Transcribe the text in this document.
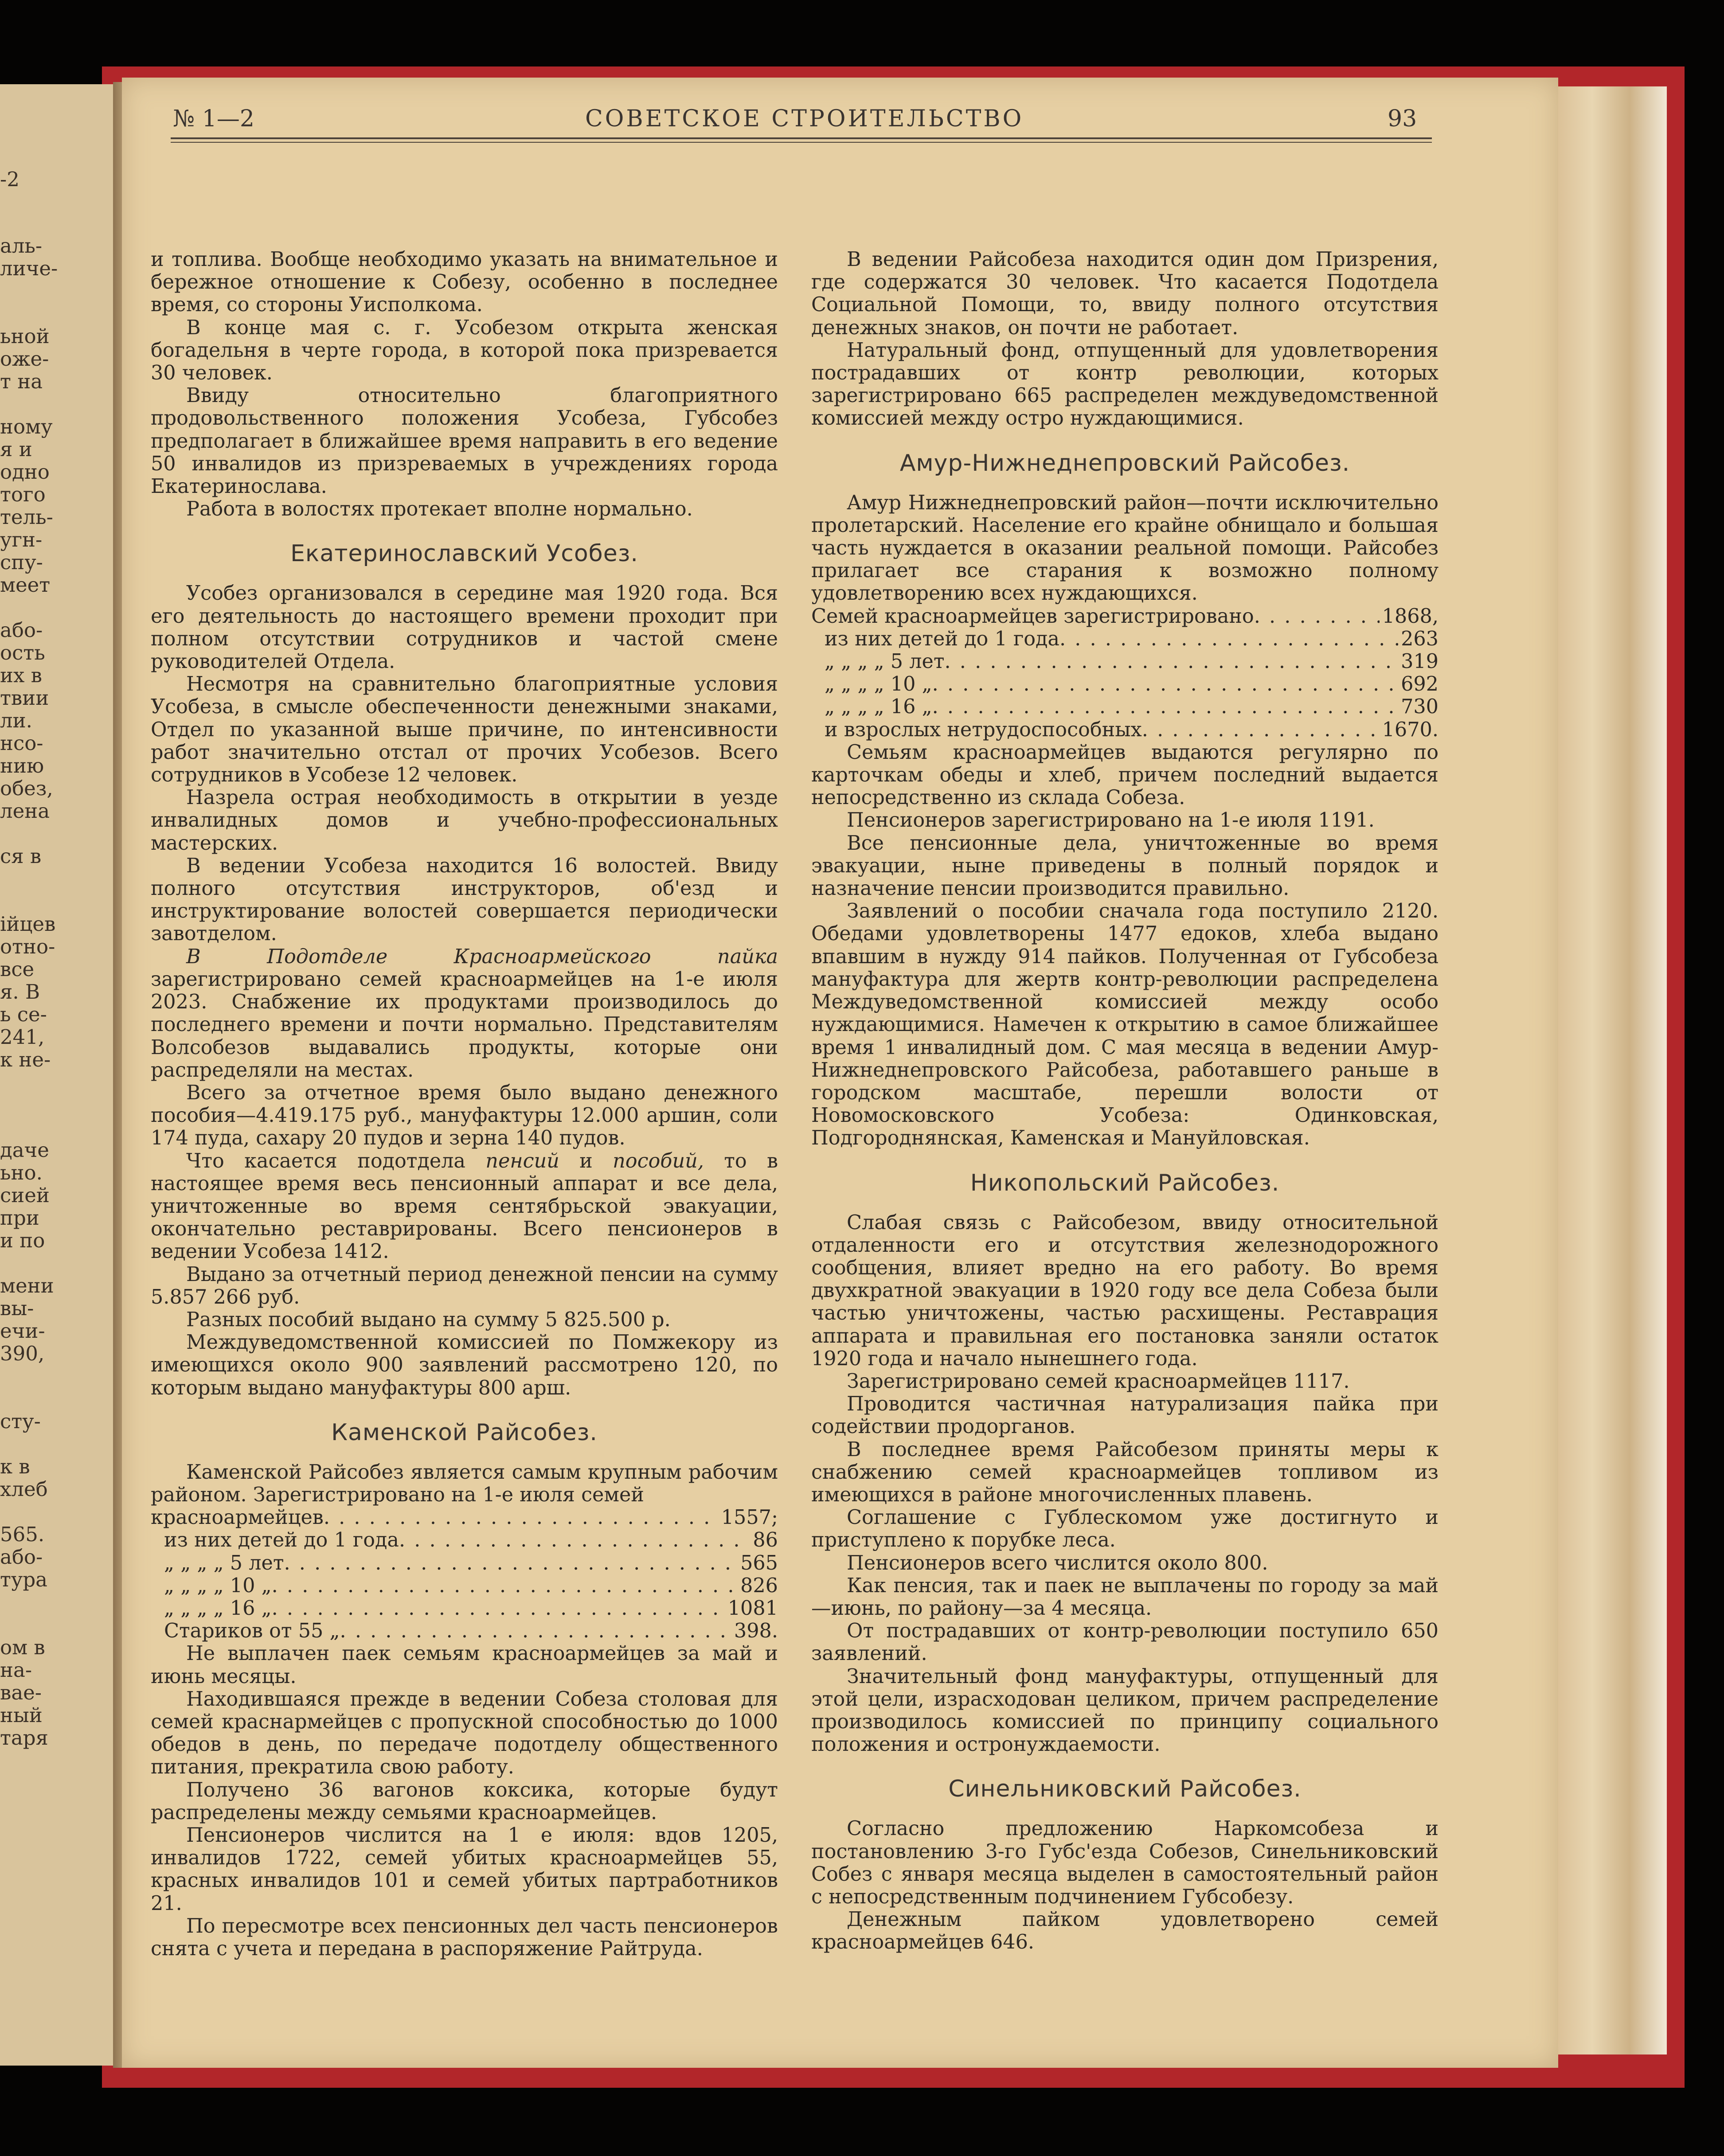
-2
аль-
личе-
ьной
оже-
т на
ному
я и
одно
того
тель-
угн-
спу-
меет
або-
ость
их в
твии
ли.
нсо-
нию
обез,
лена
ся в
ійцев
отно-
все
я. В
ь се-
241,
к не-
дачe
ьно.
сией
при
и по
мени
вы-
ечи-
390,
сту-
к в
хлеб
565.
або-
тура
ом в
на-
вае-
ный
таря
№ 1—2	СОВЕТСКОЕ СТРОИТЕЛЬСТВО	93

и топлива. Вообще необходимо указать на внимательное и бережное отношение к Собезу, особенно в последнее время, со стороны Уисполкома.

В конце мая с. г. Усобезом открыта женская богадельня в черте города, в которой пока призревается 30 человек.

Ввиду относительно благоприятного продовольственного положения Усобеза, Губсобез предполагает в ближайшее время направить в его ведение 50 инвалидов из призреваемых в учреждениях города Екатеринослава.

Работа в волостях протекает вполне нормально.

Екатеринославский Усобез.

Усобез организовался в середине мая 1920 года. Вся его деятельность до настоящего времени проходит при полном отсутствии сотрудников и частой смене руководителей Отдела.

Несмотря на сравнительно благоприятные условия Усобеза, в смысле обеспеченности денежными знаками, Отдел по указанной выше причине, по интенсивности работ значительно отстал от прочих Усобезов. Всего сотрудников в Усобезе 12 человек.

Назрела острая необходимость в открытии в уезде инвалидных домов и учебно-профессиональных мастерских.

В ведении Усобеза находится 16 волостей. Ввиду полного отсутствия инструкторов, об'езд и инструктирование волостей совершается периодически завотделом.

В Подотделе Красноармейского пайка зарегистрировано семей красноармейцев на 1-е июля 2023. Снабжение их продуктами производилось до последнего времени и почти нормально. Представителям Волсобезов выдавались продукты, которые они распределяли на местах.

Всего за отчетное время было выдано денежного пособия—4.419.175 руб., мануфактуры 12.000 аршин, соли 174 пуда, сахару 20 пудов и зерна 140 пудов.

Что касается подотдела пенсий и пособий, то в настоящее время весь пенсионный аппарат и все дела, уничтоженные во время сентябрьской эвакуации, окончательно реставрированы. Всего пенсионеров в ведении Усобеза 1412.

Выдано за отчетный период денежной пенсии на сумму 5.857 266 руб.

Разных пособий выдано на сумму 5 825.500 р.

Междуведомственной комиссией по Помжекору из имеющихся около 900 заявлений рассмотрено 120, по которым выдано мануфактуры 800 арш.

Каменской Райсобез.

Каменской Райсобез является самым крупным рабочим районом. Зарегистрировано на 1-е июля семей

красноармейцев . . .	1557;
из них детей до 1 года . . .	86
„ „ „ „ 5 лет . . .	565
„ „ „ „ 10 „ . . .	826
„ „ „ „ 16 „ . . .	1081
Стариков от 55 „ . . .	398.

Не выплачен паек семьям красноармейцев за май и июнь месяцы.

Находившаяся прежде в ведении Собеза столовая для семей краснармейцев с пропускной способностью до 1000 обедов в день, по передаче подотделу общественного питания, прекратила свою работу.

Получено 36 вагонов коксика, которые будут распределены между семьями красноармейцев.

Пенсионеров числится на 1 е июля: вдов 1205, инвалидов 1722, семей убитых красноармейцев 55, красных инвалидов 101 и семей убитых партработников 21.

По пересмотре всех пенсионных дел часть пенсионеров снята с учета и передана в распоряжение Райтруда.

В ведении Райсобеза находится один дом Призрения, где содержатся 30 человек. Что касается Подотдела Социальной Помощи, то, ввиду полного отсутствия денежных знаков, он почти не работает.

Натуральный фонд, отпущенный для удовлетворения пострадавших от контр революции, которых зарегистрировано 665 распределен междуведомственной комиссией между остро нуждающимися.

Амур-Нижнеднепровский Райсобез.

Амур Нижнеднепровский район—почти исключительно пролетарский. Население его крайне обнищало и большая часть нуждается в оказании реальной помощи. Райсобез прилагает все старания к возможно полному удовлетворению всех нуждающихся.

Семей красноармейцев зарегистрировано . . .	1868,
из них детей до 1 года . . .	263
„ „ „ „ 5 лет . . .	319
„ „ „ „ 10 „ . . .	692
„ „ „ „ 16 „ . . .	730
и взрослых нетрудоспособных . . .	1670.

Семьям красноармейцев выдаются регулярно по карточкам обеды и хлеб, причем последний выдается непосредственно из склада Собеза.

Пенсионеров зарегистрировано на 1-е июля 1191.

Все пенсионные дела, уничтоженные во время эвакуации, ныне приведены в полный порядок и назначение пенсии производится правильно.

Заявлений о пособии сначала года поступило 2120. Обедами удовлетворены 1477 едоков, хлеба выдано впавшим в нужду 914 пайков. Полученная от Губсобеза мануфактура для жертв контр-революции распределена Междуведомственной комиссией между особо нуждающимися. Намечен к открытию в самое ближайшее время 1 инвалидный дом. С мая месяца в ведении Амур-Нижнеднепровского Райсобеза, работавшего раньше в городском масштабе, перешли волости от Новомосковского Усобеза: Одинковская, Подгороднянская, Каменская и Мануйловская.

Никопольский Райсобез.

Слабая связь с Райсобезом, ввиду относительной отдаленности его и отсутствия железнодорожного сообщения, влияет вредно на его работу. Во время двухкратной эвакуации в 1920 году все дела Собеза были частью уничтожены, частью расхищены. Реставрация аппарата и правильная его постановка заняли остаток 1920 года и начало нынешнего года.

Зарегистрировано семей красноармейцев 1117.

Проводится частичная натурализация пайка при содействии продорганов.

В последнее время Райсобезом приняты меры к снабжению семей красноармейцев топливом из имеющихся в районе многочисленных плавень.

Соглашение с Гублескомом уже достигнуто и приступлено к порубке леса.

Пенсионеров всего числится около 800.

Как пенсия, так и паек не выплачены по городу за май—июнь, по району—за 4 месяца.

От пострадавших от контр-революции поступило 650 заявлений.

Значительный фонд мануфактуры, отпущенный для этой цели, израсходован целиком, причем распределение производилось комиссией по принципу социального положения и остронуждаемости.

Синельниковский Райсобез.

Согласно предложению Наркомсобеза и постановлению 3-го Губс'езда Собезов, Синельниковский Собез с января месяца выделен в самостоятельный район с непосредственным подчинением Губсобезу.

Денежным пайком удовлетворено семей красноармейцев 646.
